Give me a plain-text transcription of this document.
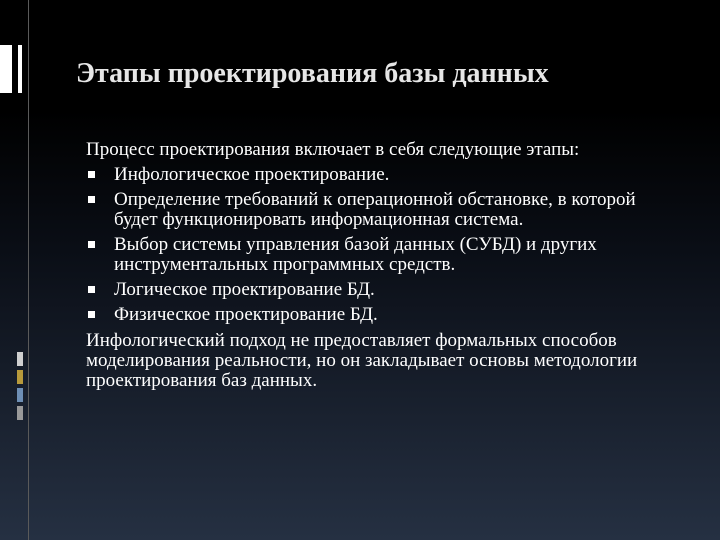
Этапы проектирования базы данных

Процесс проектирования включает в себя следующие этапы:

Инфологическое проектирование.
Определение требований к операционной обстановке, в которой будет функционировать информационная система.
Выбор системы управления базой данных (СУБД) и других инструментальных программных средств.
Логическое проектирование БД.
Физическое проектирование БД.

Инфологический подход не предоставляет формальных способов моделирования реальности, но он закладывает основы методологии проектирования баз данных.
